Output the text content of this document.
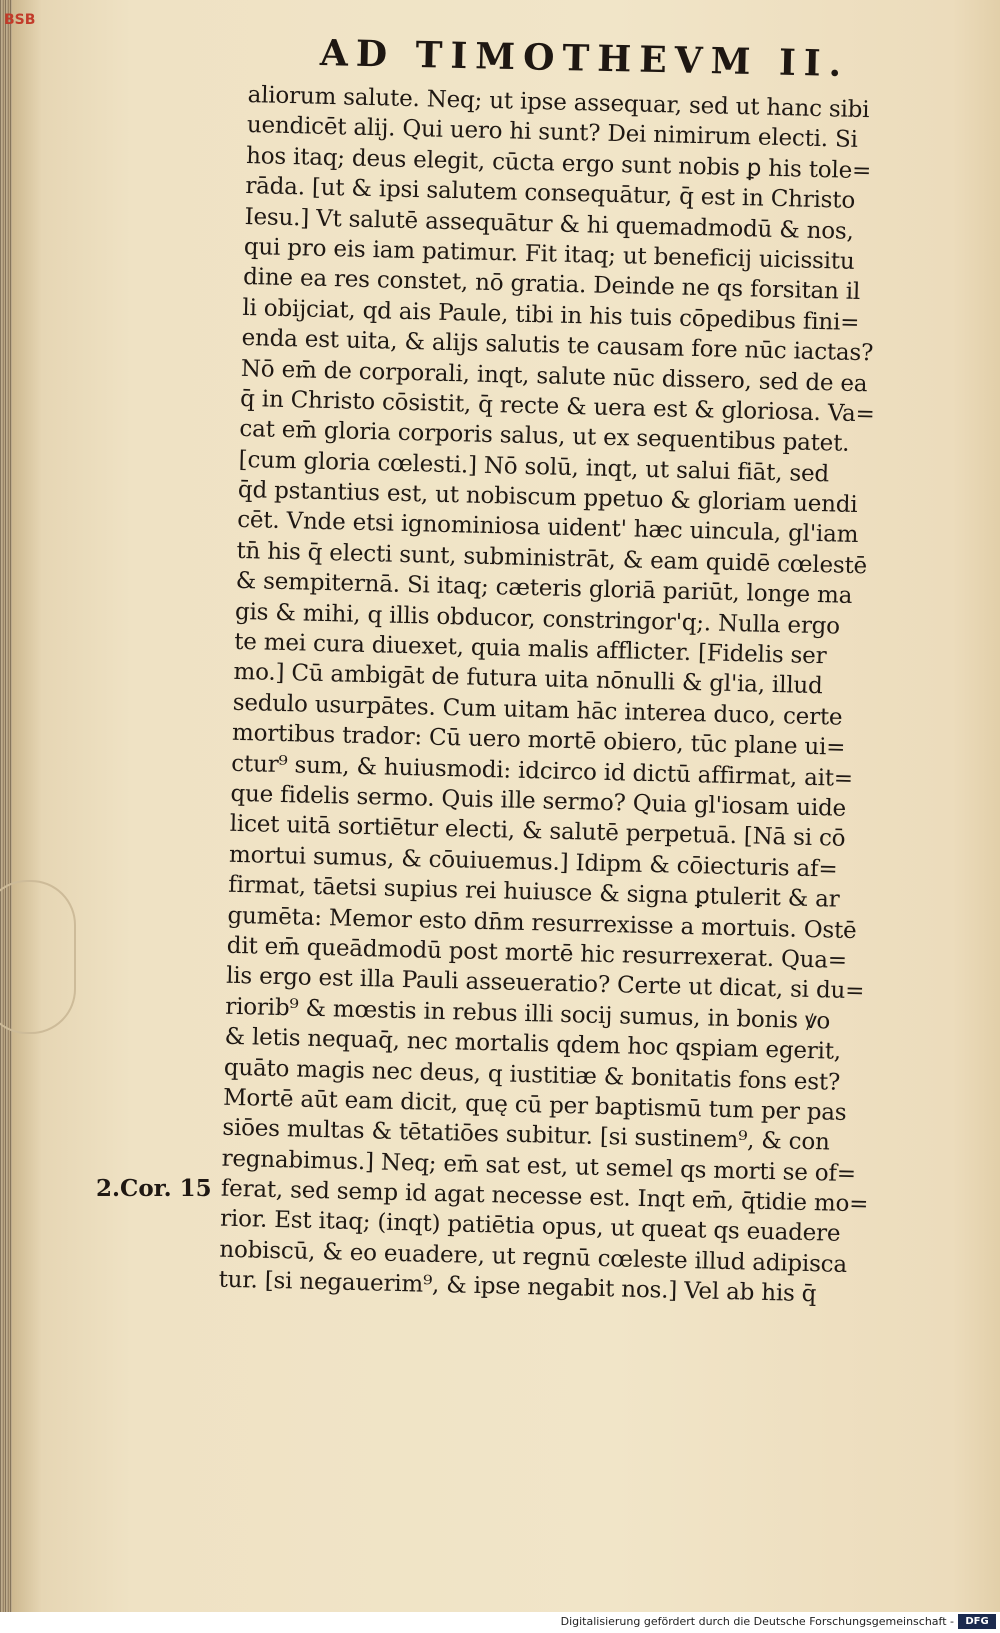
BSB
AD TIMOTHEVM II.
2.Cor. 15
aliorum salute. Neq; ut ipse assequar, sed ut hanc sibi
uendicēt alij. Qui uero hi sunt? Dei nimirum electi. Si
hos itaq; deus elegit, cūcta ergo sunt nobis ꝑ his tole=
rāda. [ut & ipsi salutem consequātur, q̄ est in Christo
Iesu.] Vt salutē assequātur & hi quemadmodū & nos,
qui pro eis iam patimur. Fit itaq; ut beneficij uicissitu
dine ea res constet, nō gratia. Deinde ne qs forsitan il
li obijciat, qd ais Paule, tibi in his tuis cōpedibus fini=
enda est uita, & alijs salutis te causam fore nūc iactas?
Nō em̄ de corporali, inqt, salute nūc dissero, sed de ea
q̄ in Christo cōsistit, q̄ recte & uera est & gloriosa. Va=
cat em̄ gloria corporis salus, ut ex sequentibus patet.
[cum gloria cœlesti.] Nō solū, inqt, ut salui fiāt, sed
q̄d pstantius est, ut nobiscum ppetuo & gloriam uendi
cēt. Vnde etsi ignominiosa uident' hæc uincula, gl'iam
tn̄ his q̄ electi sunt, subministrāt, & eam quidē cœlestē
& sempiternā. Si itaq; cæteris gloriā pariūt, longe ma
gis & mihi, q illis obducor, constringor'q;. Nulla ergo
te mei cura diuexet, quia malis afflicter. [Fidelis ser
mo.] Cū ambigāt de futura uita nōnulli & gl'ia, illud
sedulo usurpātes. Cum uitam hāc interea duco, certe
mortibus trador: Cū uero mortē obiero, tūc plane ui=
ctur⁹ sum, & huiusmodi: idcirco id dictū affirmat, ait=
que fidelis sermo. Quis ille sermo? Quia gl'iosam uide
licet uitā sortiētur electi, & salutē perpetuā. [Nā si cō
mortui sumus, & cōuiuemus.] Idipm & cōiecturis af=
firmat, tāetsi supius rei huiusce & signa ꝑtulerit & ar
gumēta: Memor esto dn̄m resurrexisse a mortuis. Ostē
dit em̄ queādmodū post mortē hic resurrexerat. Qua=
lis ergo est illa Pauli asseueratio? Certe ut dicat, si du=
riorib⁹ & mœstis in rebus illi socij sumus, in bonis ꝟo
& letis nequaq̄, nec mortalis qdem hoc qspiam egerit,
quāto magis nec deus, q iustitiæ & bonitatis fons est?
Mortē aūt eam dicit, quę cū per baptismū tum per pas
siōes multas & tētatiōes subitur. [si sustinem⁹, & con
regnabimus.] Neq; em̄ sat est, ut semel qs morti se of=
ferat, sed semp id agat necesse est. Inqt em̄, q̄tidie mo=
rior. Est itaq; (inqt) patiētia opus, ut queat qs euadere
nobiscū, & eo euadere, ut regnū cœleste illud adipisca
tur. [si negauerim⁹, & ipse negabit nos.] Vel ab his q̄
Digitalisierung gefördert durch die Deutsche Forschungsgemeinschaft -	DFG
